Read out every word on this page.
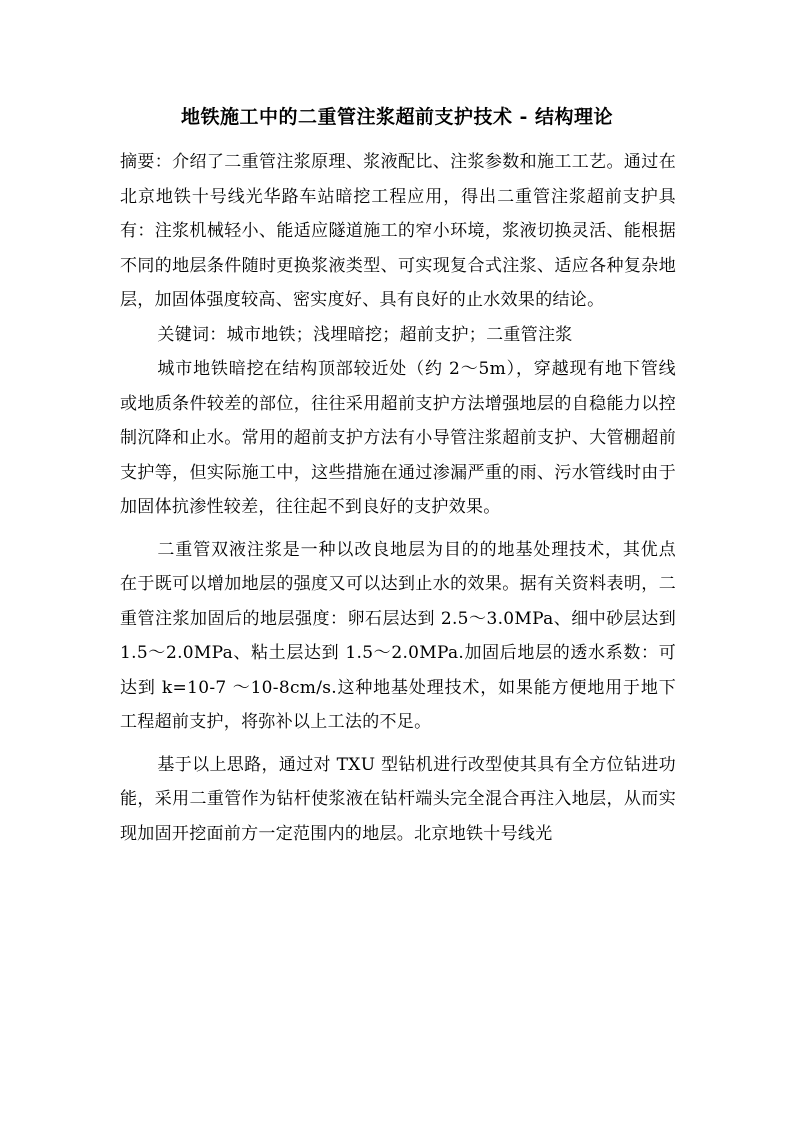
地铁施工中的二重管注浆超前支护技术 - 结构理论

摘要：介绍了二重管注浆原理、浆液配比、注浆参数和施工工艺。通过在北京地铁十号线光华路车站暗挖工程应用，得出二重管注浆超前支护具有：注浆机械轻小、能适应隧道施工的窄小环境，浆液切换灵活、能根据不同的地层条件随时更换浆液类型、可实现复合式注浆、适应各种复杂地层，加固体强度较高、密实度好、具有良好的止水效果的结论。

关键词：城市地铁；浅埋暗挖；超前支护；二重管注浆

城市地铁暗挖在结构顶部较近处（约 2～5m），穿越现有地下管线或地质条件较差的部位，往往采用超前支护方法增强地层的自稳能力以控制沉降和止水。常用的超前支护方法有小导管注浆超前支护、大管棚超前支护等，但实际施工中，这些措施在通过渗漏严重的雨、污水管线时由于加固体抗渗性较差，往往起不到良好的支护效果。

二重管双液注浆是一种以改良地层为目的的地基处理技术，其优点在于既可以增加地层的强度又可以达到止水的效果。据有关资料表明，二重管注浆加固后的地层强度：卵石层达到 2.5～3.0MPa、细中砂层达到 1.5～2.0MPa、粘土层达到 1.5～2.0MPa.加固后地层的透水系数：可达到 k=10-7 ～10-8cm/s.这种地基处理技术，如果能方便地用于地下工程超前支护，将弥补以上工法的不足。

基于以上思路，通过对 TXU 型钻机进行改型使其具有全方位钻进功能，采用二重管作为钻杆使浆液在钻杆端头完全混合再注入地层，从而实现加固开挖面前方一定范围内的地层。北京地铁十号线光
